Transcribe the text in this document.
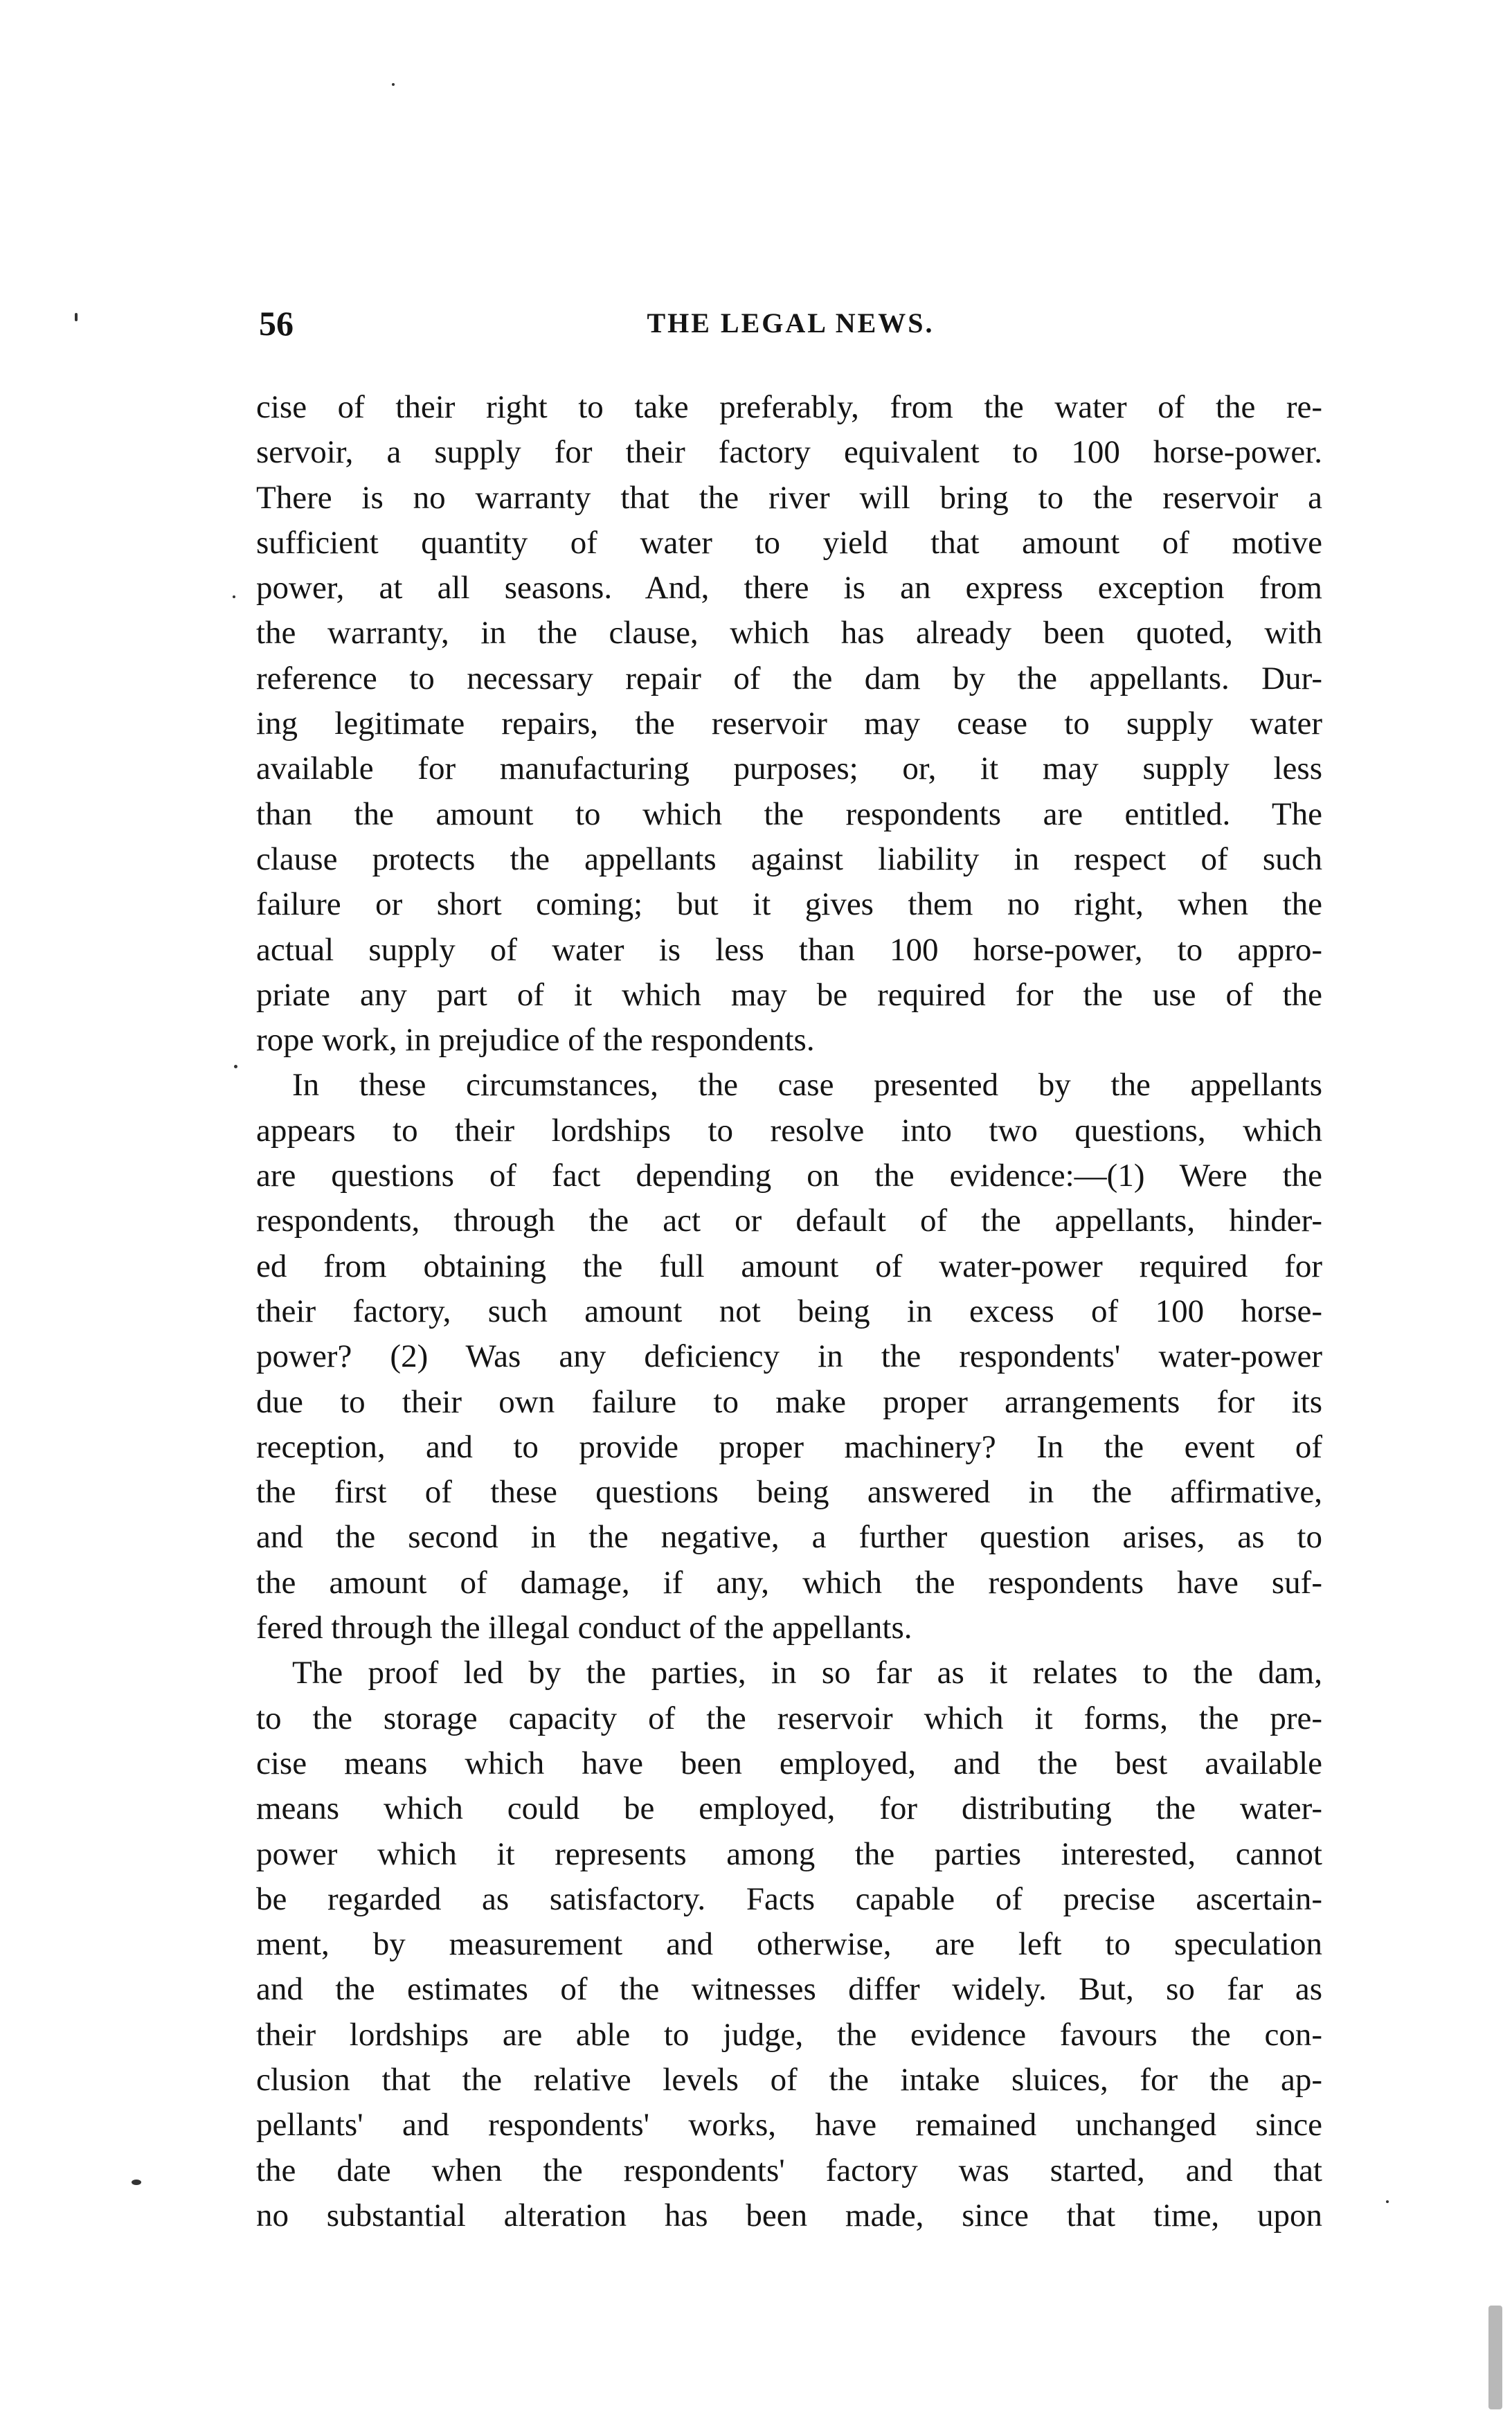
56	THE LEGAL NEWS.
cise of their right to take preferably, from the water of the re-
servoir, a supply for their factory equivalent to 100 horse-power.
There is no warranty that the river will bring to the reservoir a
sufficient quantity of water to yield that amount of motive
power, at all seasons. And, there is an express exception from
the warranty, in the clause, which has already been quoted, with
reference to necessary repair of the dam by the appellants. Dur-
ing legitimate repairs, the reservoir may cease to supply water
available for manufacturing purposes; or, it may supply less
than the amount to which the respondents are entitled. The
clause protects the appellants against liability in respect of such
failure or short coming; but it gives them no right, when the
actual supply of water is less than 100 horse-power, to appro-
priate any part of it which may be required for the use of the
rope work, in prejudice of the respondents.
In these circumstances, the case presented by the appellants
appears to their lordships to resolve into two questions, which
are questions of fact depending on the evidence:—(1) Were the
respondents, through the act or default of the appellants, hinder-
ed from obtaining the full amount of water-power required for
their factory, such amount not being in excess of 100 horse-
power? (2) Was any deficiency in the respondents' water-power
due to their own failure to make proper arrangements for its
reception, and to provide proper machinery? In the event of
the first of these questions being answered in the affirmative,
and the second in the negative, a further question arises, as to
the amount of damage, if any, which the respondents have suf-
fered through the illegal conduct of the appellants.
The proof led by the parties, in so far as it relates to the dam,
to the storage capacity of the reservoir which it forms, the pre-
cise means which have been employed, and the best available
means which could be employed, for distributing the water-
power which it represents among the parties interested, cannot
be regarded as satisfactory. Facts capable of precise ascertain-
ment, by measurement and otherwise, are left to speculation
and the estimates of the witnesses differ widely. But, so far as
their lordships are able to judge, the evidence favours the con-
clusion that the relative levels of the intake sluices, for the ap-
pellants' and respondents' works, have remained unchanged since
the date when the respondents' factory was started, and that
no substantial alteration has been made, since that time, upon
